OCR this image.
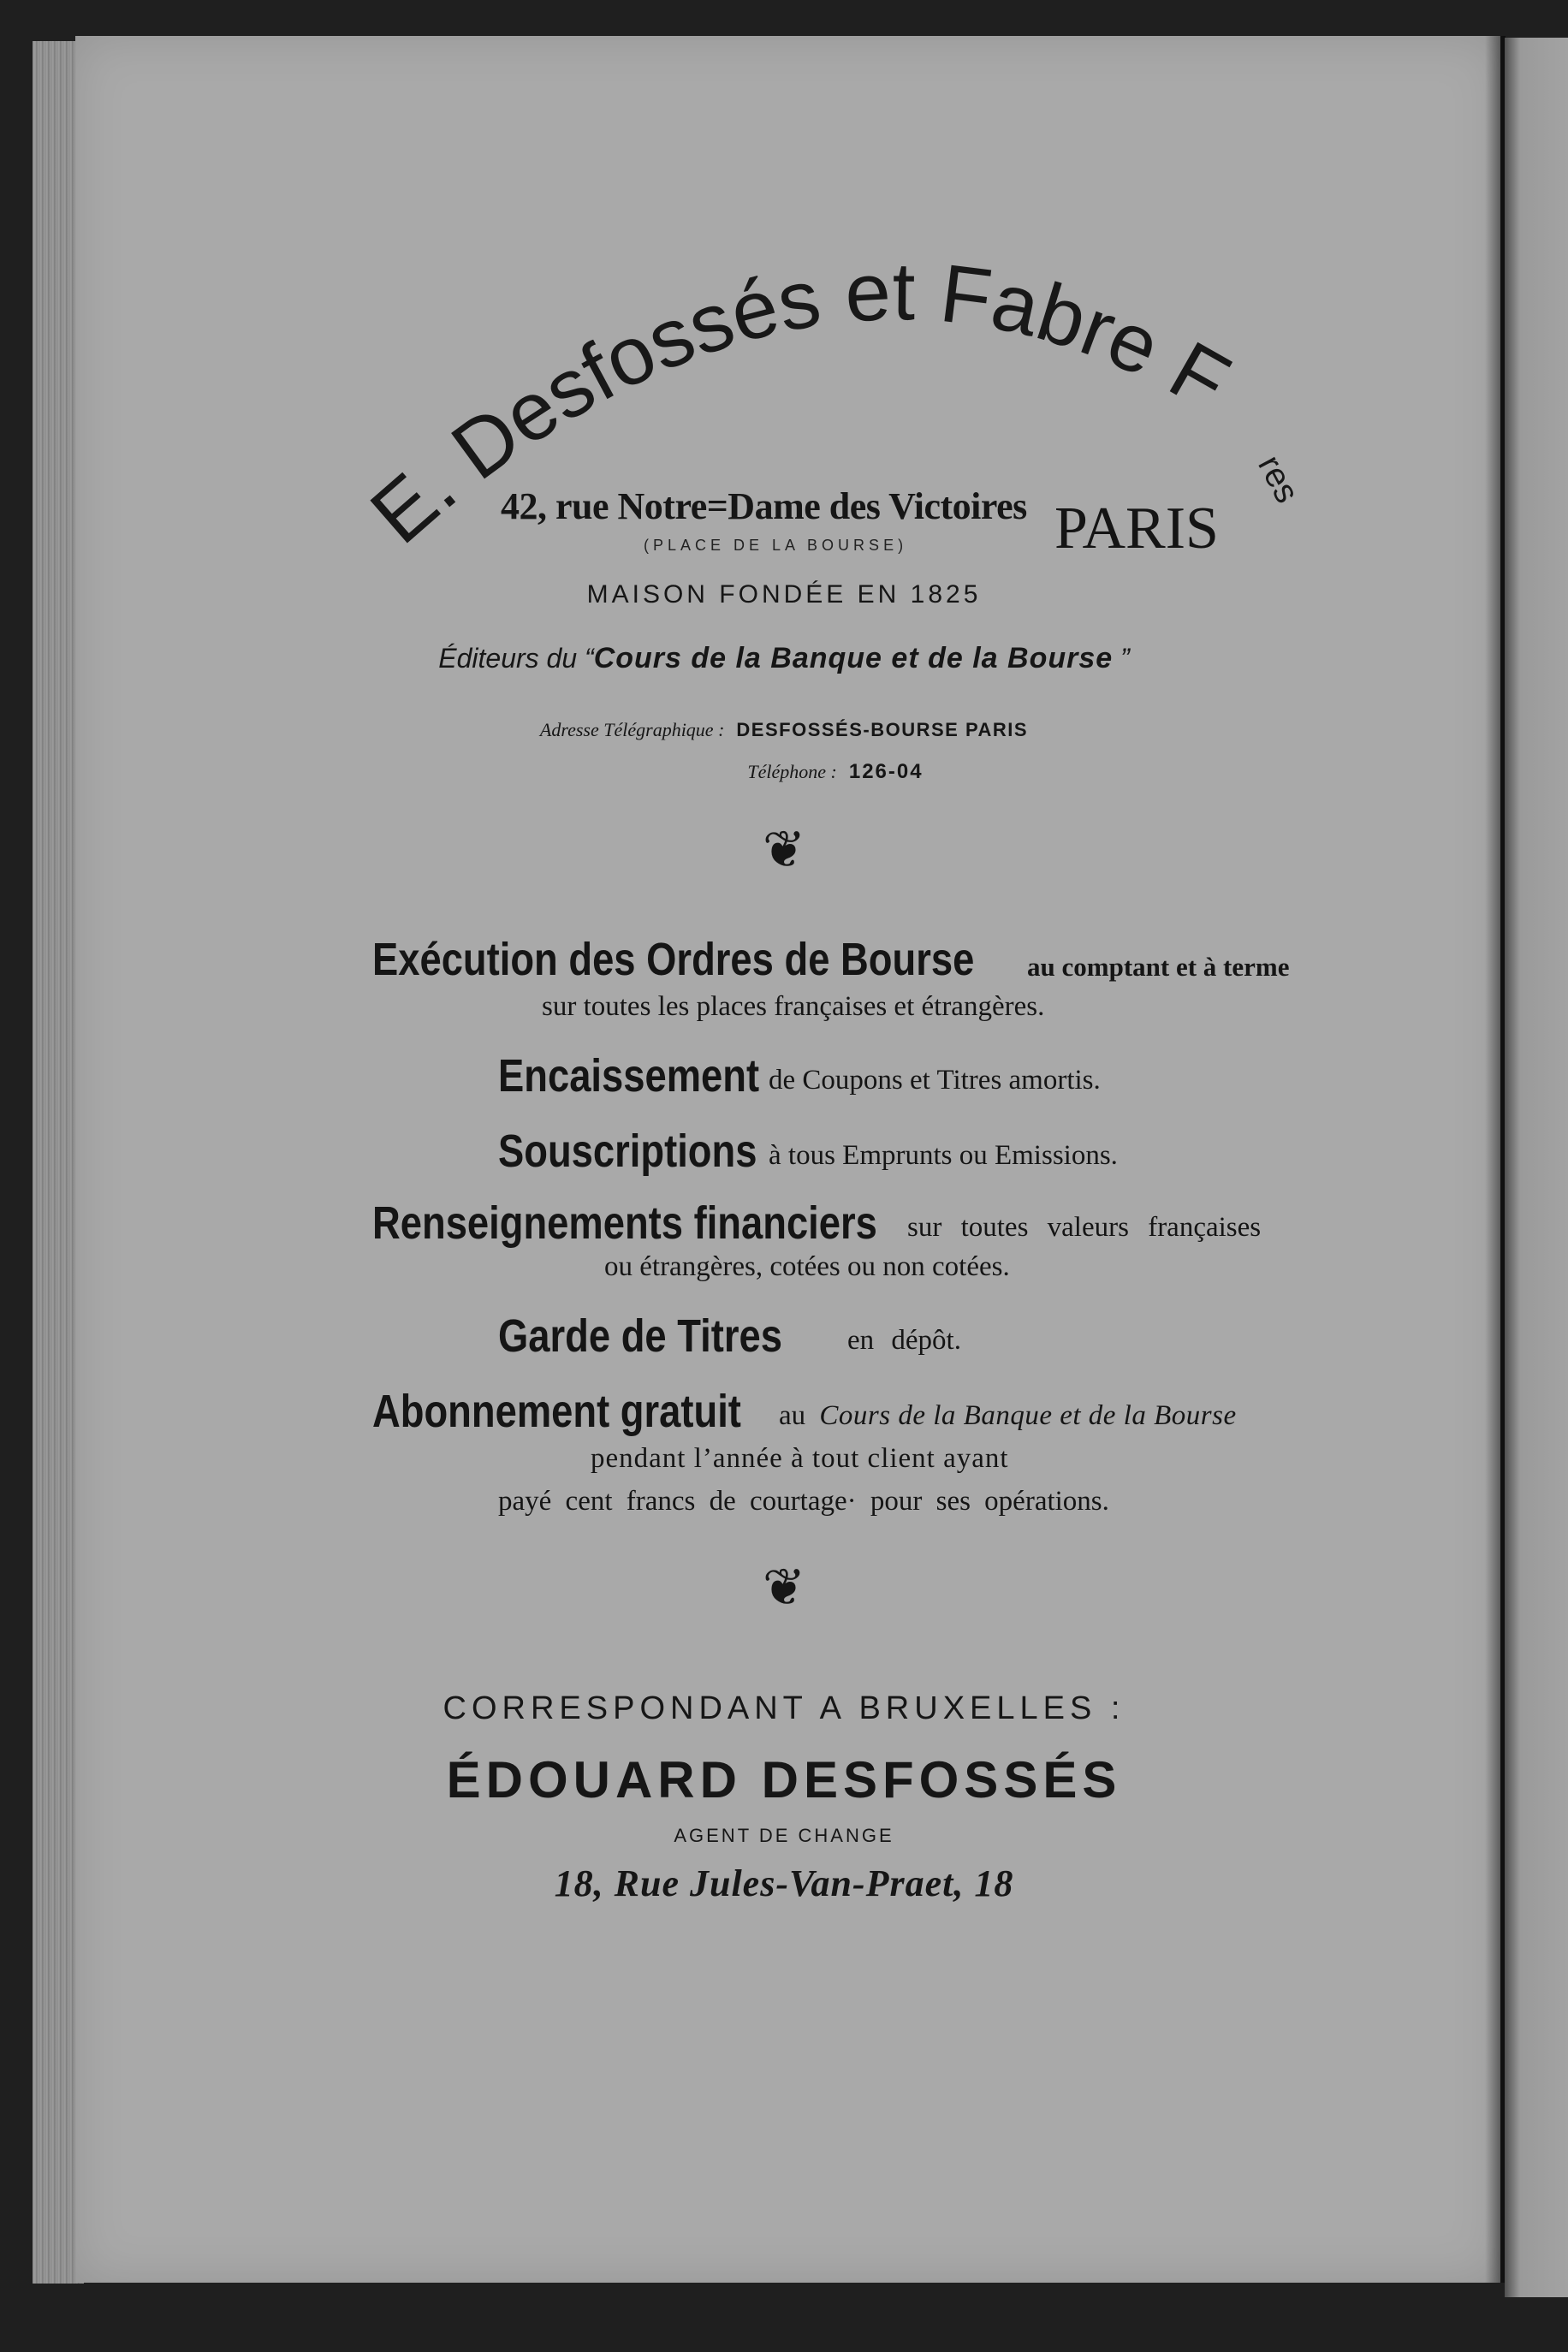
E. Desfossés et Fabre F
res
42, rue Notre=Dame des Victoires
(PLACE DE LA BOURSE) PARIS
MAISON FONDÉE EN 1825
Éditeurs du “Cours de la Banque et de la Bourse ”
Adresse Télégraphique : DESFOSSÉS-BOURSE PARIS
Téléphone : 126-04
❦
Exécution des Ordres de Bourse	au comptant et à terme
sur toutes les places françaises et étrangères.
Encaissement de Coupons et Titres amortis.
Souscriptions à tous Emprunts ou Emissions.
Renseignements financiers	sur toutes valeurs françaises
ou étrangères, cotées ou non cotées.
Garde de Titres	en dépôt.
Abonnement gratuit	au Cours de la Banque et de la Bourse
pendant l’année à tout client ayant
payé cent francs de courtage· pour ses opérations.
❦
CORRESPONDANT A BRUXELLES :
ÉDOUARD DESFOSSÉS
AGENT DE CHANGE
18, Rue Jules-Van-Praet, 18
